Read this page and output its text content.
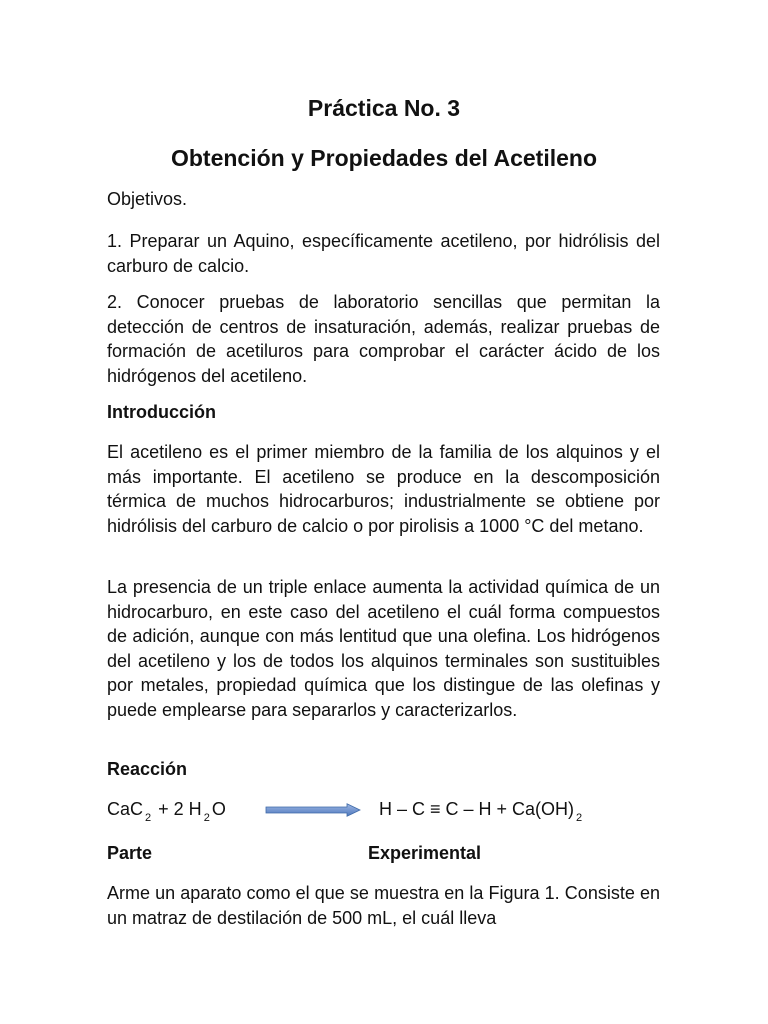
Práctica No. 3
Obtención y Propiedades del Acetileno
Objetivos.
1. Preparar un Aquino, específicamente acetileno, por hidrólisis del carburo de calcio.
2. Conocer pruebas de laboratorio sencillas que permitan la detección de centros de insaturación, además, realizar pruebas de formación de acetiluros para comprobar el carácter ácido de los hidrógenos del acetileno.
Introducción
El acetileno es el primer miembro de la familia de los alquinos y el más importante. El acetileno se produce en la descomposición térmica de muchos hidrocarburos; industrialmente se obtiene por hidrólisis del carburo de calcio o por pirolisis a 1000 °C del metano.
La presencia de un triple enlace aumenta la actividad química de un hidrocarburo, en este caso del acetileno el cuál forma compuestos de adición, aunque con más lentitud que una olefina. Los hidrógenos del acetileno y los de todos los alquinos terminales son sustituibles por metales, propiedad química que los distingue de las olefinas y puede emplearse para separarlos y caracterizarlos.
Reacción
CaC $_2$ + 2 H $_2$ O	H – C ≡ C – H + Ca(OH) $_2$
Parte	Experimental
Arme un aparato como el que se muestra en la Figura 1. Consiste en un matraz de destilación de 500 mL, el cuál lleva
